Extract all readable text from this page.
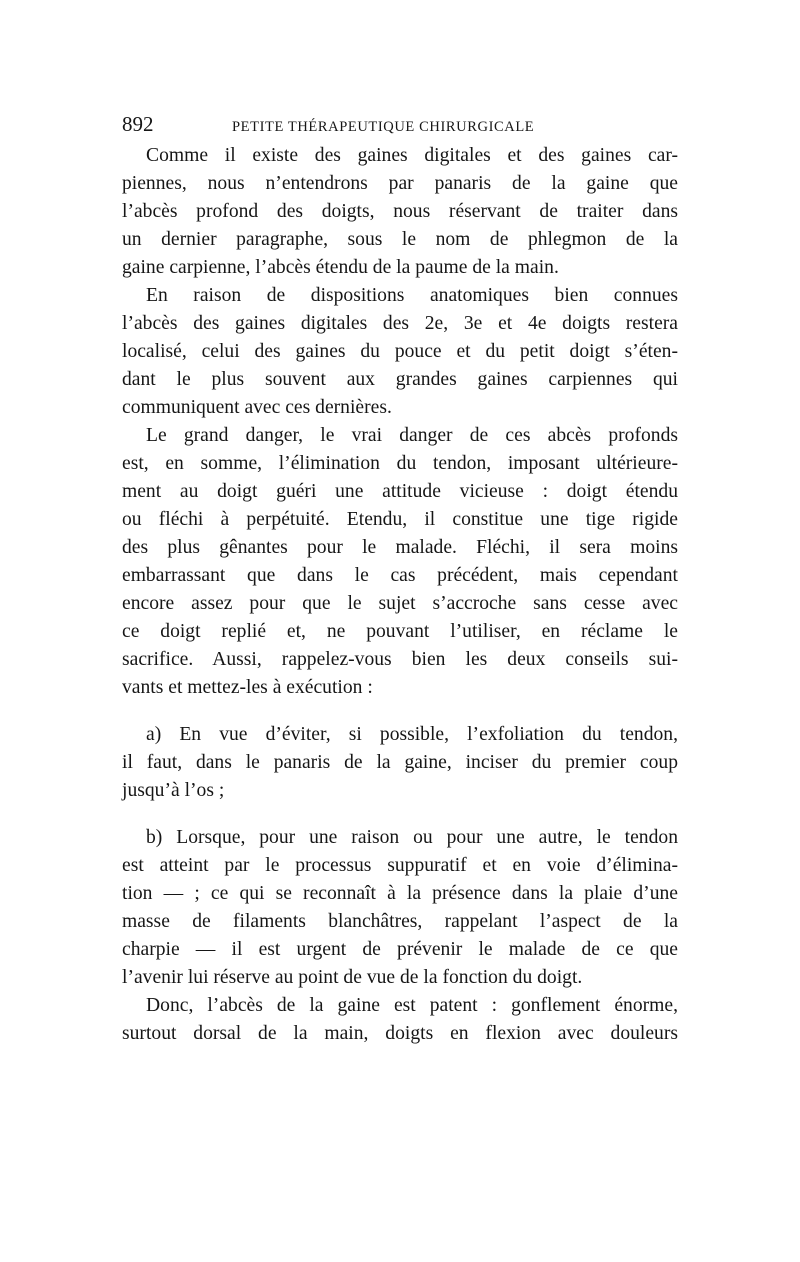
892	PETITE THÉRAPEUTIQUE CHIRURGICALE
Comme il existe des gaines digitales et des gaines car-
piennes, nous n’entendrons par panaris de la gaine que
l’abcès profond des doigts, nous réservant de traiter dans
un dernier paragraphe, sous le nom de phlegmon de la
gaine carpienne, l’abcès étendu de la paume de la main.
En raison de dispositions anatomiques bien connues
l’abcès des gaines digitales des 2e, 3e et 4e doigts restera
localisé, celui des gaines du pouce et du petit doigt s’éten-
dant le plus souvent aux grandes gaines carpiennes qui
communiquent avec ces dernières.
Le grand danger, le vrai danger de ces abcès profonds
est, en somme, l’élimination du tendon, imposant ultérieure-
ment au doigt guéri une attitude vicieuse : doigt étendu
ou fléchi à perpétuité. Etendu, il constitue une tige rigide
des plus gênantes pour le malade. Fléchi, il sera moins
embarrassant que dans le cas précédent, mais cependant
encore assez pour que le sujet s’accroche sans cesse avec
ce doigt replié et, ne pouvant l’utiliser, en réclame le
sacrifice. Aussi, rappelez-vous bien les deux conseils sui-
vants et mettez-les à exécution :
a) En vue d’éviter, si possible, l’exfoliation du tendon,
il faut, dans le panaris de la gaine, inciser du premier coup
jusqu’à l’os ;
b) Lorsque, pour une raison ou pour une autre, le tendon
est atteint par le processus suppuratif et en voie d’élimina-
tion — ; ce qui se reconnaît à la présence dans la plaie d’une
masse de filaments blanchâtres, rappelant l’aspect de la
charpie — il est urgent de prévenir le malade de ce que
l’avenir lui réserve au point de vue de la fonction du doigt.
Donc, l’abcès de la gaine est patent : gonflement énorme,
surtout dorsal de la main, doigts en flexion avec douleurs
